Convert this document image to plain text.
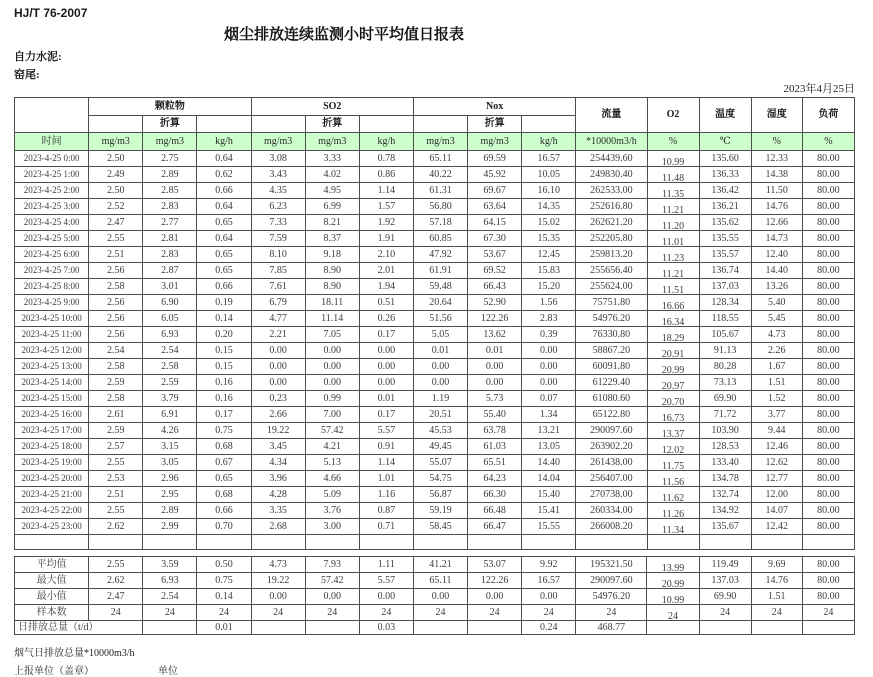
HJ/T 76-2007
烟尘排放连续监测小时平均值日报表
自力水泥:
窑尾:
2023年4月25日
	颗粒物			SO2			Nox			流量	O2	温度	湿度	负荷
		折算			折算			折算						
时间	mg/m3	mg/m3	kg/h	mg/m3	mg/m3	kg/h	mg/m3	mg/m3	kg/h	*10000m3/h	%	℃	%	%
2023-4-25 0:00	2.50	2.75	0.64	3.08	3.33	0.78	65.11	69.59	16.57	254439.60	10.99	135.60	12.33	80.00
2023-4-25 1:00	2.49	2.89	0.62	3.43	4.02	0.86	40.22	45.92	10.05	249830.40	11.48	136.33	14.38	80.00
2023-4-25 2:00	2.50	2.85	0.66	4.35	4.95	1.14	61.31	69.67	16.10	262533.00	11.35	136.42	11.50	80.00
2023-4-25 3:00	2.52	2.83	0.64	6.23	6.99	1.57	56.80	63.64	14.35	252616.80	11.21	136.21	14.76	80.00
2023-4-25 4:00	2.47	2.77	0.65	7.33	8.21	1.92	57.18	64.15	15.02	262621.20	11.20	135.62	12.66	80.00
2023-4-25 5:00	2.55	2.81	0.64	7.59	8.37	1.91	60.85	67.30	15.35	252205.80	11.01	135.55	14.73	80.00
2023-4-25 6:00	2.51	2.83	0.65	8.10	9.18	2.10	47.92	53.67	12.45	259813.20	11.23	135.57	12.40	80.00
2023-4-25 7:00	2.56	2.87	0.65	7.85	8.90	2.01	61.91	69.52	15.83	255656.40	11.21	136.74	14.40	80.00
2023-4-25 8:00	2.58	3.01	0.66	7.61	8.90	1.94	59.48	66.43	15.20	255624.00	11.51	137.03	13.26	80.00
2023-4-25 9:00	2.56	6.90	0.19	6.79	18.11	0.51	20.64	52.90	1.56	75751.80	16.66	128.34	5.40	80.00
2023-4-25 10:00	2.56	6.05	0.14	4.77	11.14	0.26	51.56	122.26	2.83	54976.20	16.34	118.55	5.45	80.00
2023-4-25 11:00	2.56	6.93	0.20	2.21	7.05	0.17	5.05	13.62	0.39	76330.80	18.29	105.67	4.73	80.00
2023-4-25 12:00	2.54	2.54	0.15	0.00	0.00	0.00	0.01	0.01	0.00	58867.20	20.91	91.13	2.26	80.00
2023-4-25 13:00	2.58	2.58	0.15	0.00	0.00	0.00	0.00	0.00	0.00	60091.80	20.99	80.28	1.67	80.00
2023-4-25 14:00	2.59	2.59	0.16	0.00	0.00	0.00	0.00	0.00	0.00	61229.40	20.97	73.13	1.51	80.00
2023-4-25 15:00	2.58	3.79	0.16	0.23	0.99	0.01	1.19	5.73	0.07	61080.60	20.70	69.90	1.52	80.00
2023-4-25 16:00	2.61	6.91	0.17	2.66	7.00	0.17	20.51	55.40	1.34	65122.80	16.73	71.72	3.77	80.00
2023-4-25 17:00	2.59	4.26	0.75	19.22	57.42	5.57	45.53	63.78	13.21	290097.60	13.37	103.90	9.44	80.00
2023-4-25 18:00	2.57	3.15	0.68	3.45	4.21	0.91	49.45	61.03	13.05	263902.20	12.02	128.53	12.46	80.00
2023-4-25 19:00	2.55	3.05	0.67	4.34	5.13	1.14	55.07	65.51	14.40	261438.00	11.75	133.40	12.62	80.00
2023-4-25 20:00	2.53	2.96	0.65	3.96	4.66	1.01	54.75	64.23	14.04	256407.00	11.56	134.78	12.77	80.00
2023-4-25 21:00	2.51	2.95	0.68	4.28	5.09	1.16	56.87	66.30	15.40	270738.00	11.62	132.74	12.00	80.00
2023-4-25 22:00	2.55	2.89	0.66	3.35	3.76	0.87	59.19	66.48	15.41	260334.00	11.26	134.92	14.07	80.00
2023-4-25 23:00	2.62	2.99	0.70	2.68	3.00	0.71	58.45	66.47	15.55	266008.20	11.34	135.67	12.42	80.00

平均值	2.55	3.59	0.50	4.73	7.93	1.11	41.21	53.07	9.92	195321.50	13.99	119.49	9.69	80.00
最大值	2.62	6.93	0.75	19.22	57.42	5.57	65.11	122.26	16.57	290097.60	20.99	137.03	14.76	80.00
最小值	2.47	2.54	0.14	0.00	0.00	0.00	0.00	0.00	0.00	54976.20	10.99	69.90	1.51	80.00
样本数	24	24	24	24	24	24	24	24	24	24	24	24	24	24
日排放总量（t/d）			0.01			0.03			0.24	468.77				
烟气日排放总量*10000m3/h
上报单位（盖章）	单位
